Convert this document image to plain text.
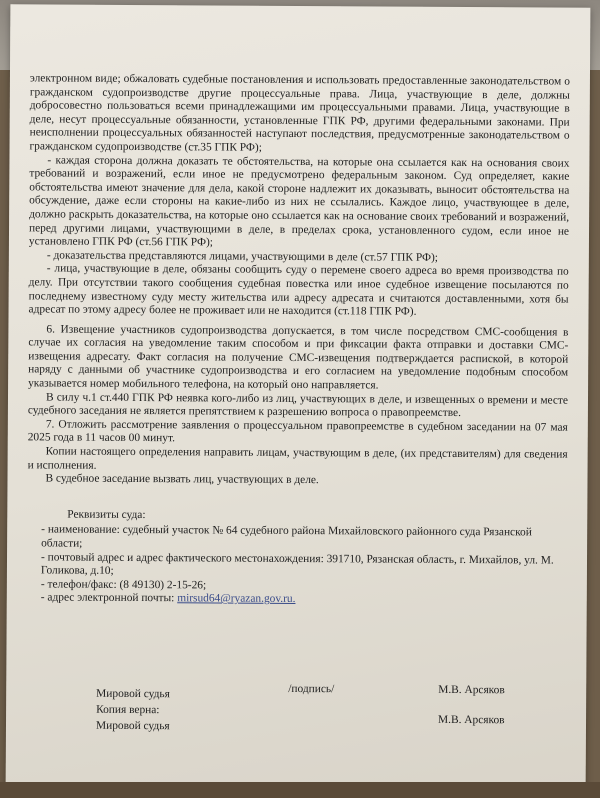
электронном виде; обжаловать судебные постановления и использовать предоставленные законодательством о гражданском судопроизводстве другие процессуальные права. Лица, участвующие в деле, должны добросовестно пользоваться всеми принадлежащими им процессуальными правами. Лица, участвующие в деле, несут процессуальные обязанности, установленные ГПК РФ, другими федеральными законами. При неисполнении процессуальных обязанностей наступают последствия, предусмотренные законодательством о гражданском судопроизводстве (ст.35 ГПК РФ);

- каждая сторона должна доказать те обстоятельства, на которые она ссылается как на основания своих требований и возражений, если иное не предусмотрено федеральным законом. Суд определяет, какие обстоятельства имеют значение для дела, какой стороне надлежит их доказывать, выносит обстоятельства на обсуждение, даже если стороны на какие-либо из них не ссылались. Каждое лицо, участвующее в деле, должно раскрыть доказательства, на которые оно ссылается как на основание своих требований и возражений, перед другими лицами, участвующими в деле, в пределах срока, установленного судом, если иное не установлено ГПК РФ (ст.56 ГПК РФ);

- доказательства представляются лицами, участвующими в деле (ст.57 ГПК РФ);

- лица, участвующие в деле, обязаны сообщить суду о перемене своего адреса во время производства по делу. При отсутствии такого сообщения судебная повестка или иное судебное извещение посылаются по последнему известному суду месту жительства или адресу адресата и считаются доставленными, хотя бы адресат по этому адресу более не проживает или не находится (ст.118 ГПК РФ).

6. Извещение участников судопроизводства допускается, в том числе посредством СМС-сообщения в случае их согласия на уведомление таким способом и при фиксации факта отправки и доставки СМС-извещения адресату. Факт согласия на получение СМС-извещения подтверждается распиской, в которой наряду с данными об участнике судопроизводства и его согласием на уведомление подобным способом указывается номер мобильного телефона, на который оно направляется.

В силу ч.1 ст.440 ГПК РФ неявка кого-либо из лиц, участвующих в деле, и извещенных о времени и месте судебного заседания не является препятствием к разрешению вопроса о правопреемстве.

7. Отложить рассмотрение заявления о процессуальном правопреемстве в судебном заседании на 07 мая 2025 года в 11 часов 00 минут.

Копии настоящего определения направить лицам, участвующим в деле, (их представителям) для сведения и исполнения.

В судебное заседание вызвать лиц, участвующих в деле.

Реквизиты суда:

- наименование: судебный участок № 64 судебного района Михайловского районного суда Рязанской области;

- почтовый адрес и адрес фактического местонахождения: 391710, Рязанская область, г. Михайлов, ул. М. Голикова, д.10;

- телефон/факс: (8 49130) 2-15-26;

- адрес электронной почты: mirsud64@ryazan.gov.ru.

Мировой судья	/подпись/	М.В. Арсяков
Копия верна:
М.В. Арсяков
Мировой судья
